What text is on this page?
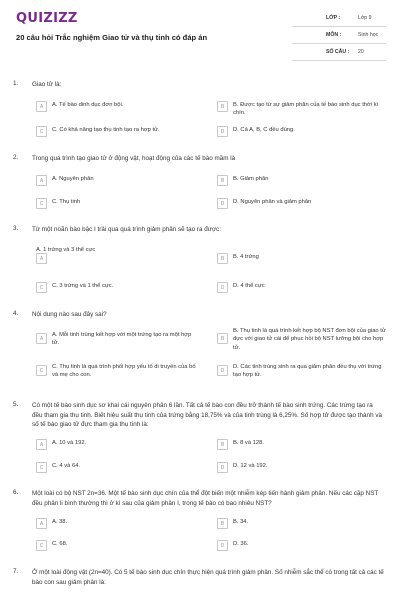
QUIZIZZ
20 câu hỏi Trắc nghiệm Giao tử và thụ tinh có đáp án
LỚP :	Lớp 9
MÔN :	Sinh học
SỐ CÂU : 20
1. Giao tử là:
A	A. Tế bào dinh dục đơn bội.	B	B. Được tạo từ sự giảm phân của tế bào sinh dục thời kì chín.
C	C. Có khả năng tạo thụ tinh tạo ra hợp tử.	D	D. Cả A, B, C đều đúng.
2. Trong quá trình tạo giao tử ở động vật, hoạt động của các tế bào mầm là
A	A. Nguyên phân	B	B. Giảm phân
C	C. Thụ tinh	D	D. Nguyên phân và giảm phân
3. Từ một noãn bào bậc I trải qua quá trình giảm phân sẽ tạo ra được:
A
A. 1 trứng và 3 thể cực
B	B. 4 trứng
C	C. 3 trứng và 1 thể cực.	D	D. 4 thể cực
4. Nội dung nào sau đây sai?
A
A. Mỗi tinh trùng kết hợp với một trứng tạo ra một hợp tử.
B
B. Thụ tinh là quá trình kết hợp bộ NST đơn bội của giao tử đực với giao tử cái để phục hồi bộ NST lưỡng bội cho hợp tử.
C
C. Thụ tinh là quá trình phối hợp yếu tố di truyền của bố và mẹ cho con.
D
D. Các tinh trùng sinh ra qua giảm phân đều thụ với trứng tạo hợp tử.
5. Có một tế bào sinh dục sơ khai cái nguyên phân 6 lần. Tất cả tế bào con đều trở thành tế bào sinh trứng. Các trứng tạo ra đều tham gia thụ tinh. Biết hiệu suất thụ tinh của trứng bằng 18,75% và của tinh trùng là 6,25%. Số hợp tử được tạo thành và số tế bào giao tử đực tham gia thụ tinh là:
A	A. 10 và 192.	B	B. 8 và 128.
C	C. 4 và 64.	D	D. 12 và 192.
6. Một loài có bộ NST 2n=36. Một tế bào sinh dục chín của thể đột biến một nhiễm kép tiến hành giảm phân. Nếu các cặp NST đều phân li bình thường thì ở kì sau của giảm phân I, trong tế bào có bao nhiêu NST?
A	A. 38.	B	B. 34.
C	C. 68.	D	D. 36.
7. Ở một loài động vật (2n=40). Có 5 tế bào sinh dục chín thực hiện quá trình giảm phân. Số nhiễm sắc thể có trong tất cả các tế bào con sau giảm phân là:
